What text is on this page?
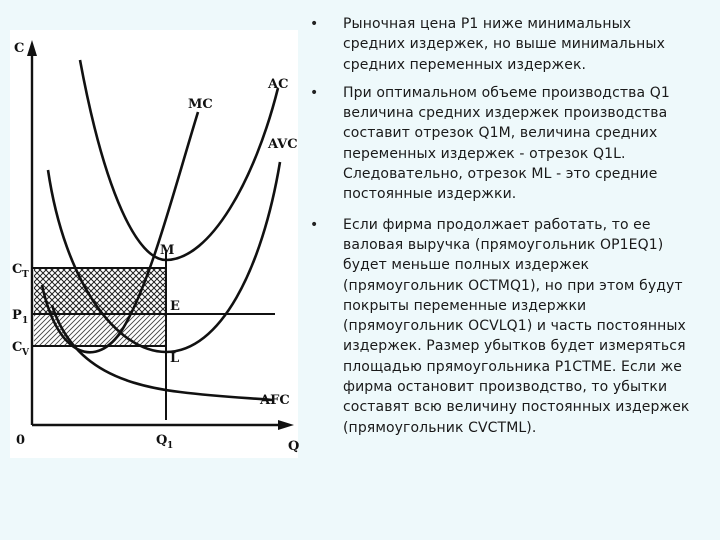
C
Q
0
MC
AC
AVC
AFC
C T
P 1
C V
M
E
L
Q 1
• Рыночная цена P1 ниже минимальных
средних издержек, но выше минимальных
средних переменных издержек.
• При оптимальном объеме производства Q1
величина средних издержек производства
составит отрезок Q1M, величина средних
переменных издержек - отрезок Q1L.
Следовательно, отрезок ML - это средние
постоянные издержки.
• Если фирма продолжает работать, то ее
валовая выручка (прямоугольник OP1EQ1)
будет меньше полных издержек
(прямоугольник OCTMQ1), но при этом будут
покрыты переменные издержки
(прямоугольник OCVLQ1) и часть постоянных
издержек. Размер убытков будет измеряться
площадью прямоугольника P1CTME. Если же
фирма остановит производство, то убытки
составят всю величину постоянных издержек
(прямоугольник CVCTML).
